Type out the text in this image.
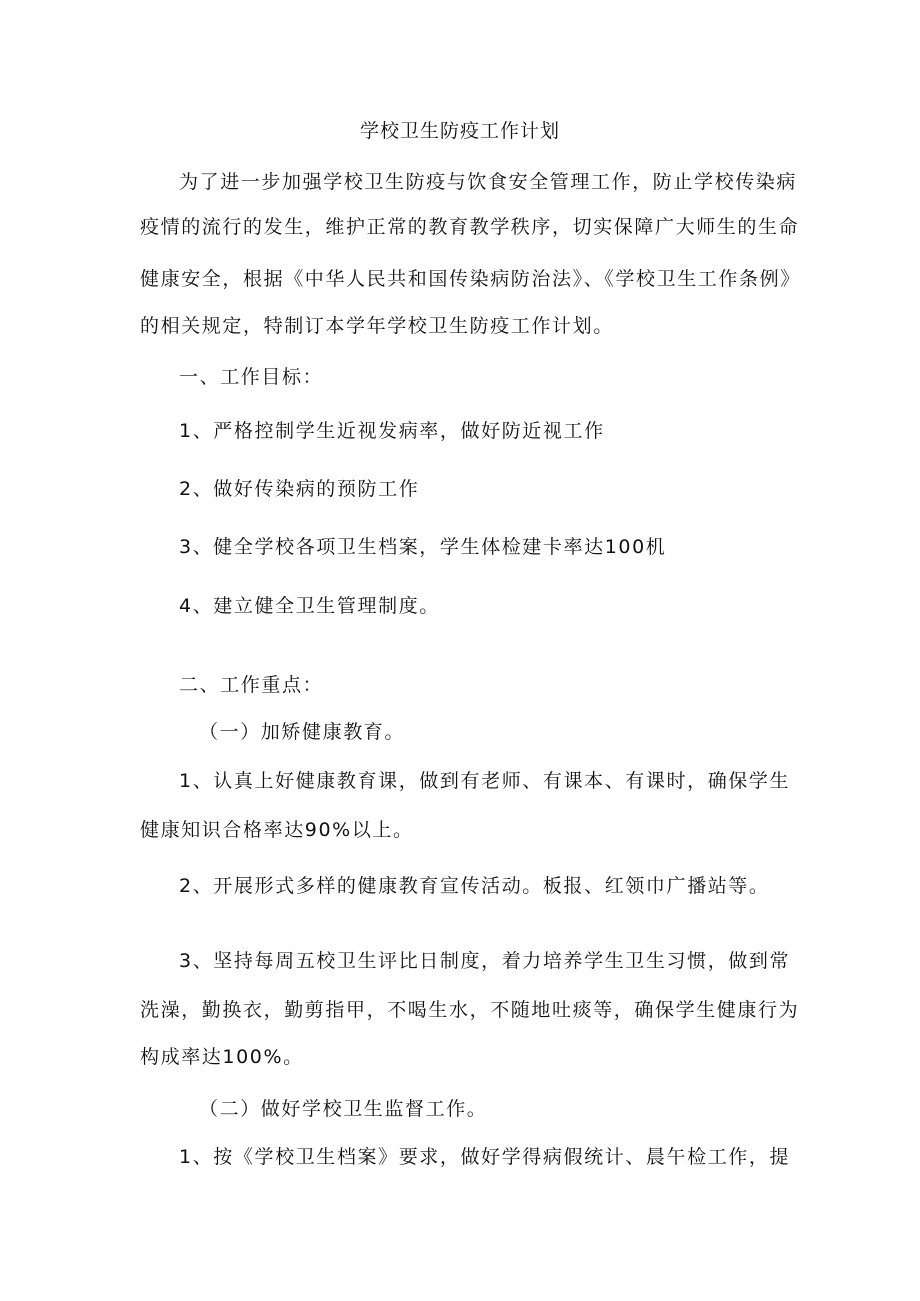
学校卫生防疫工作计划
为了进一步加强学校卫生防疫与饮食安全管理工作，防止学校传染病
疫情的流行的发生，维护正常的教育教学秩序，切实保障广大师生的生命
健康安全，根据《中华人民共和国传染病防治法》、《学校卫生工作条例》
的相关规定，特制订本学年学校卫生防疫工作计划。
一、工作目标：
1、严格控制学生近视发病率，做好防近视工作
2、做好传染病的预防工作
3、健全学校各项卫生档案，学生体检建卡率达100机
4、建立健全卫生管理制度。
二、工作重点：
（一）加矫健康教育。
1、认真上好健康教育课，做到有老师、有课本、有课时，确保学生
健康知识合格率达90%以上。
2、开展形式多样的健康教育宣传活动。板报、红领巾广播站等。
3、坚持每周五校卫生评比日制度，着力培养学生卫生习惯，做到常
洗澡，勤换衣，勤剪指甲，不喝生水，不随地吐痰等，确保学生健康行为
构成率达100%。
（二）做好学校卫生监督工作。
1、按《学校卫生档案》要求，做好学得病假统计、晨午检工作，提
